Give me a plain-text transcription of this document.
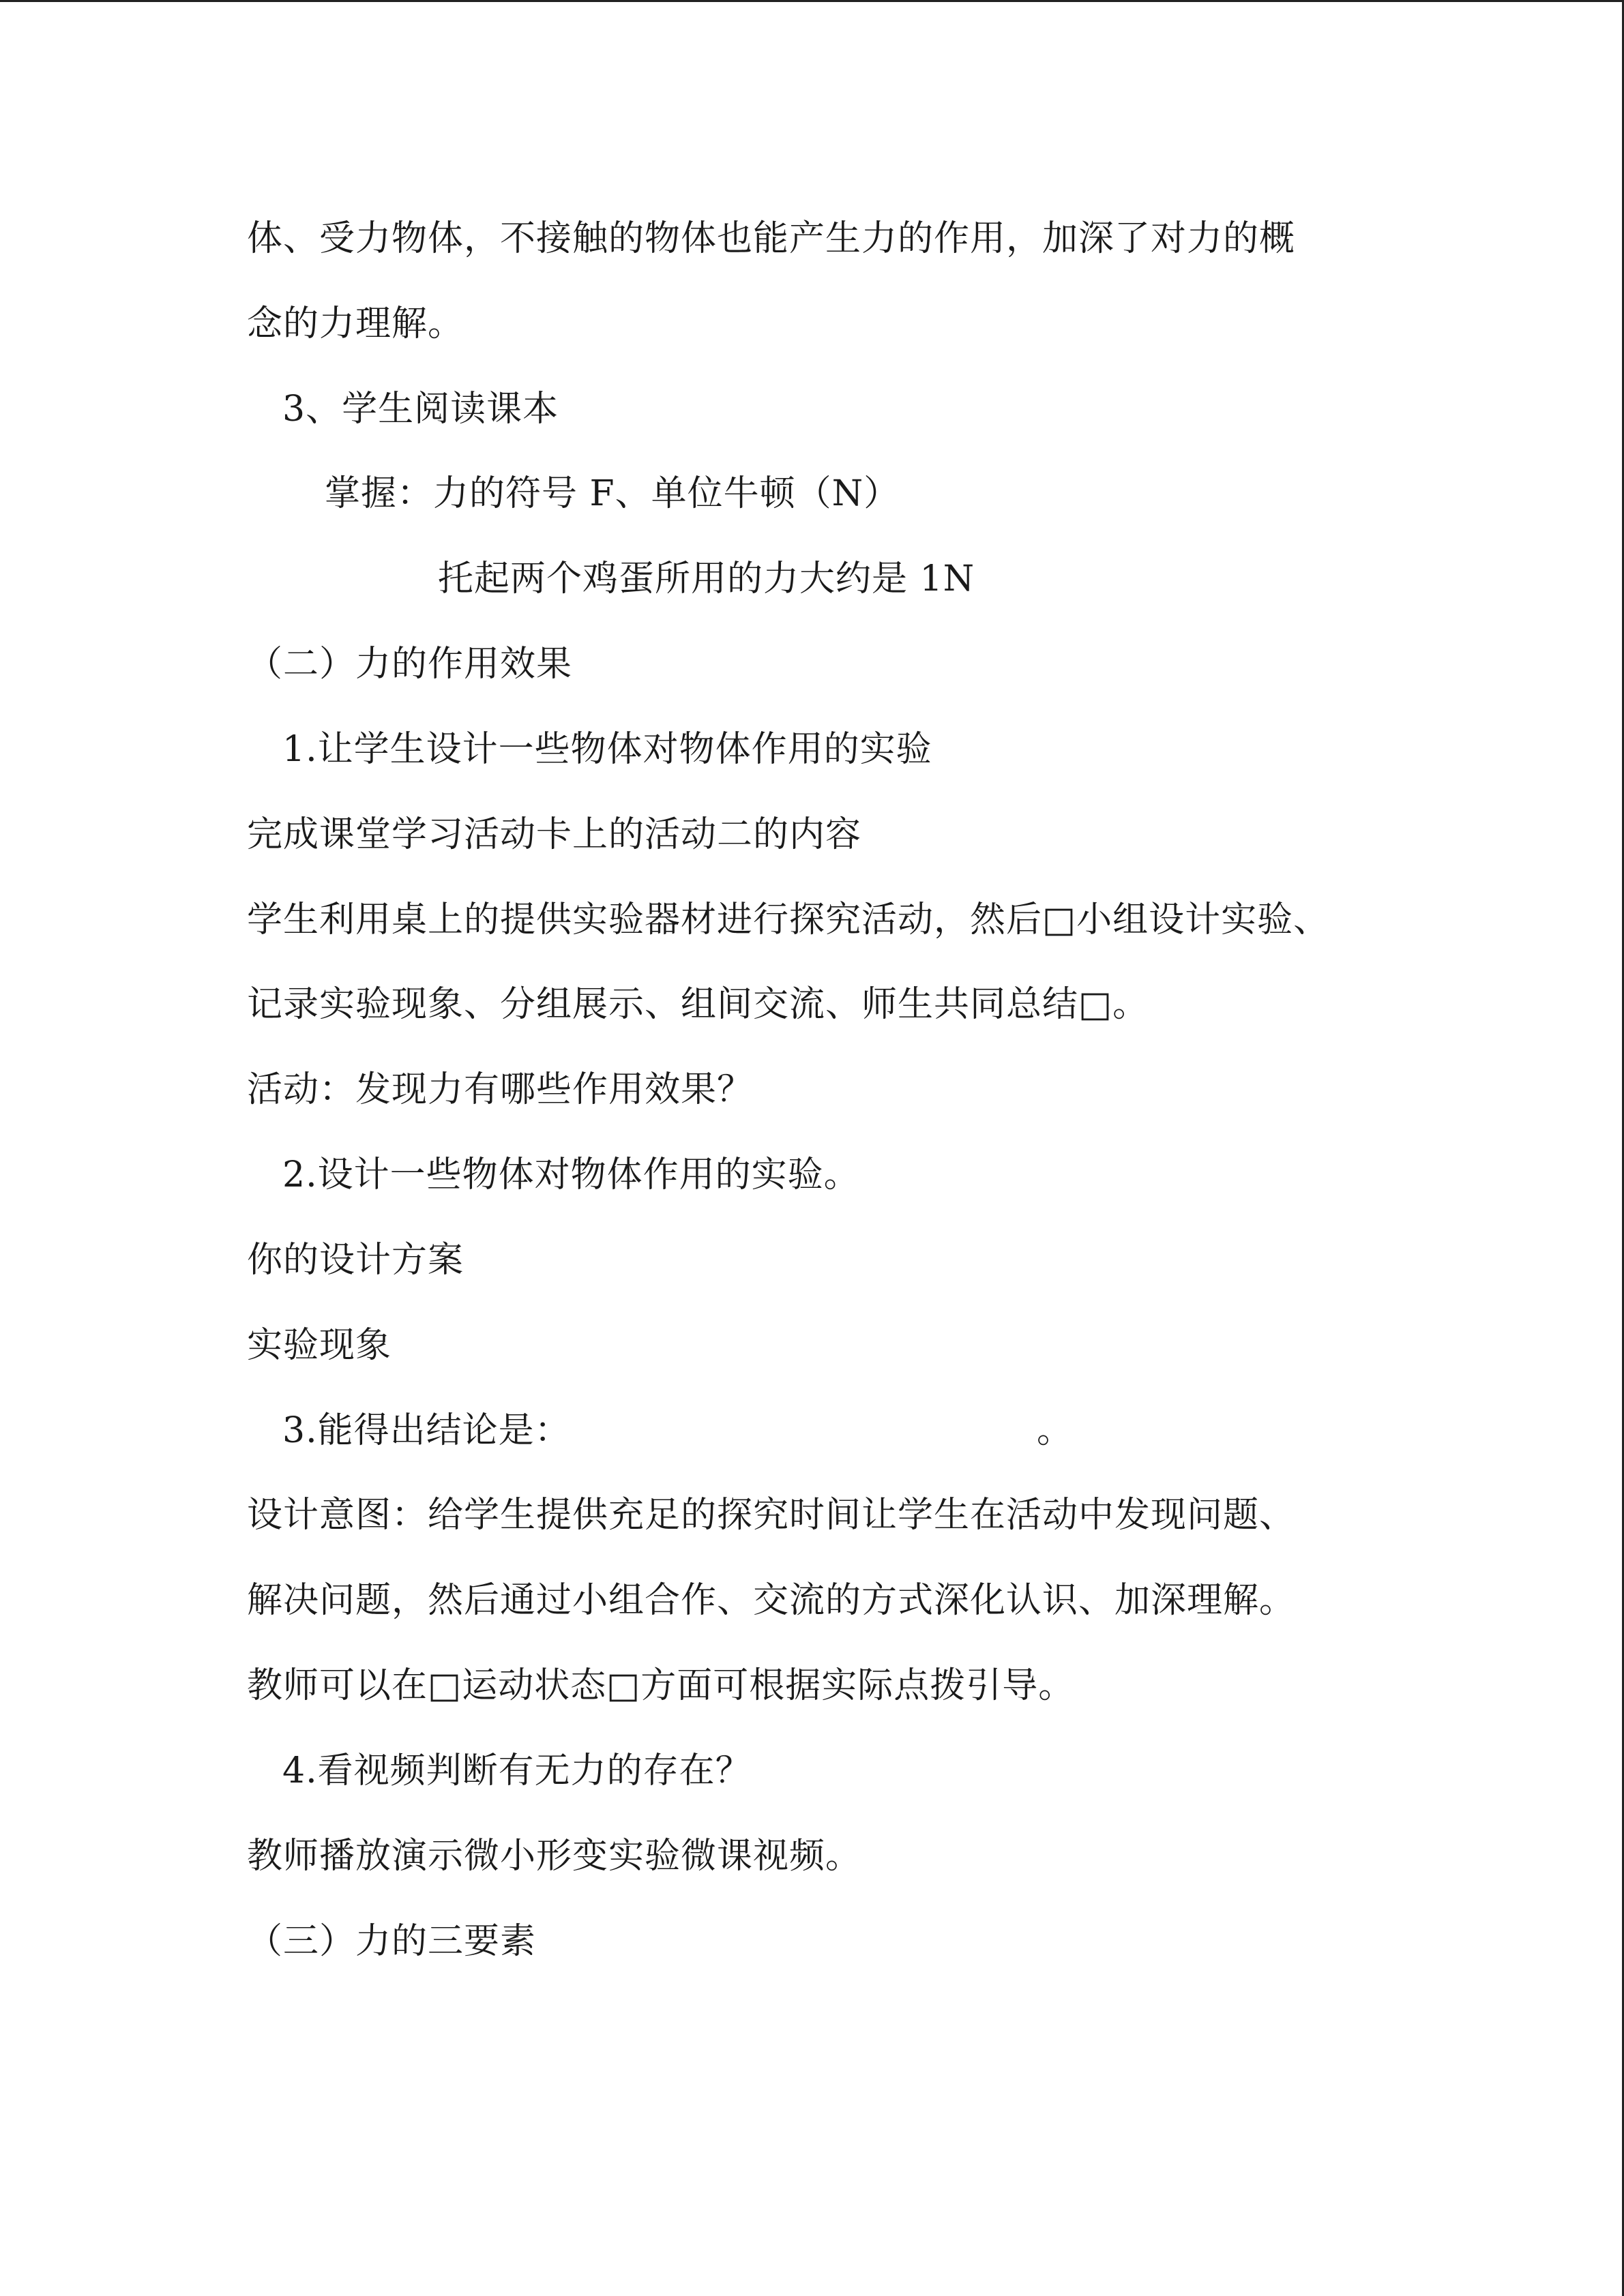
体、受力物体，不接触的物体也能产生力的作用，加深了对力的概
念的力理解。
3、学生阅读课本
掌握：力的符号 F、单位牛顿（N）
托起两个鸡蛋所用的力大约是 1N
（二）力的作用效果
1.让学生设计一些物体对物体作用的实验
完成课堂学习活动卡上的活动二的内容
学生利用桌上的提供实验器材进行探究活动，然后□小组设计实验、
记录实验现象、分组展示、组间交流、师生共同总结□。
活动：发现力有哪些作用效果？
2.设计一些物体对物体作用的实验。
你的设计方案
实验现象
3.能得出结论是：	。
设计意图：给学生提供充足的探究时间让学生在活动中发现问题、
解决问题，然后通过小组合作、交流的方式深化认识、加深理解。
教师可以在□运动状态□方面可根据实际点拨引导。
4.看视频判断有无力的存在？
教师播放演示微小形变实验微课视频。
（三）力的三要素
